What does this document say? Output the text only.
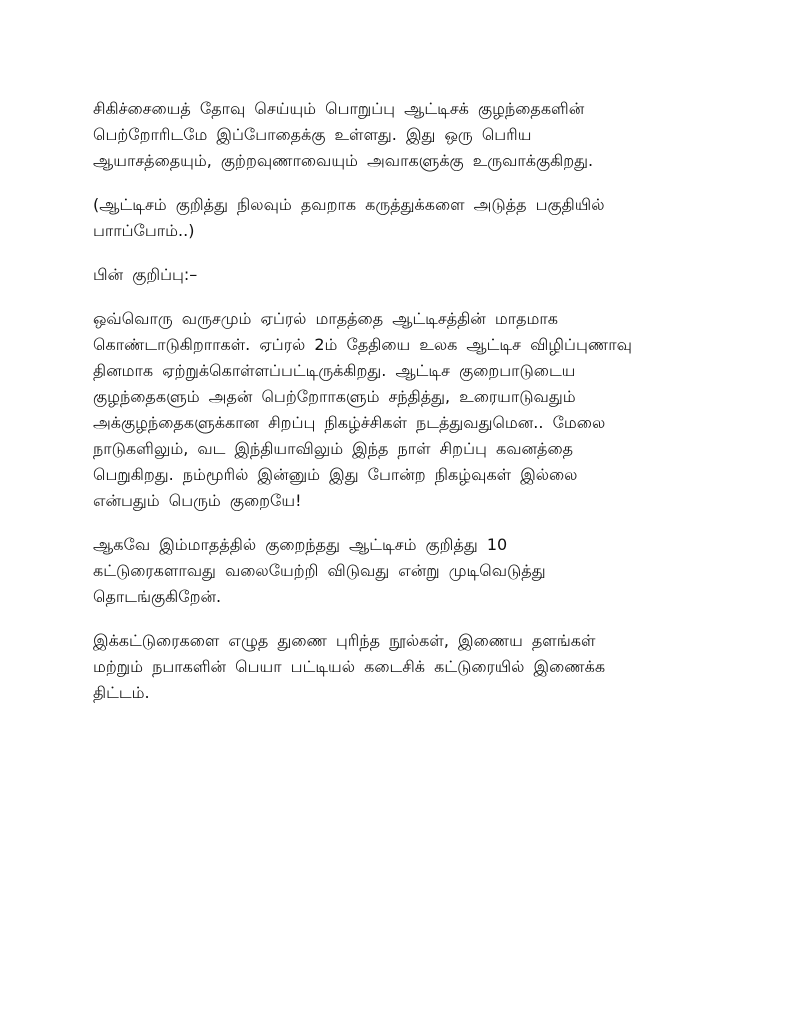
சிகிச்சையைத் தோவு செய்யும் பொறுப்பு ஆட்டிசக் குழந்தைகளின்
பெற்றோரிடமே இப்போதைக்கு உள்ளது. இது ஒரு பெரிய
ஆயாசத்தையும், குற்றவுணாவையும் அவாகளுக்கு உருவாக்குகிறது.

(ஆட்டிசம் குறித்து நிலவும் தவறாக கருத்துக்களை அடுத்த பகுதியில்
பாாப்போம்..)

பின் குறிப்பு:–

ஒவ்வொரு வருசமும் ஏப்ரல் மாதத்தை ஆட்டிசத்தின் மாதமாக
கொண்டாடுகிறாாகள். ஏப்ரல் 2ம் தேதியை உலக ஆட்டிச விழிப்புணாவு
தினமாக ஏற்றுக்கொள்ளப்பட்டிருக்கிறது. ஆட்டிச குறைபாடுடைய
குழந்தைகளும் அதன் பெற்றோாகளும் சந்தித்து, உரையாடுவதும்
அக்குழந்தைகளுக்கான சிறப்பு நிகழ்ச்சிகள் நடத்துவதுமென.. மேலை
நாடுகளிலும், வட இந்தியாவிலும் இந்த நாள் சிறப்பு கவனத்தை
பெறுகிறது. நம்மூரில் இன்னும் இது போன்ற நிகழ்வுகள் இல்லை
என்பதும் பெரும் குறையே!

ஆகவே இம்மாதத்தில் குறைந்தது ஆட்டிசம் குறித்து 10
கட்டுரைகளாவது வலையேற்றி விடுவது என்று முடிவெடுத்து
தொடங்குகிறேன்.

இக்கட்டுரைகளை எழுத துணை புரிந்த நூல்கள், இணைய தளங்கள்
மற்றும் நபாகளின் பெயா பட்டியல் கடைசிக் கட்டுரையில் இணைக்க
திட்டம்.
